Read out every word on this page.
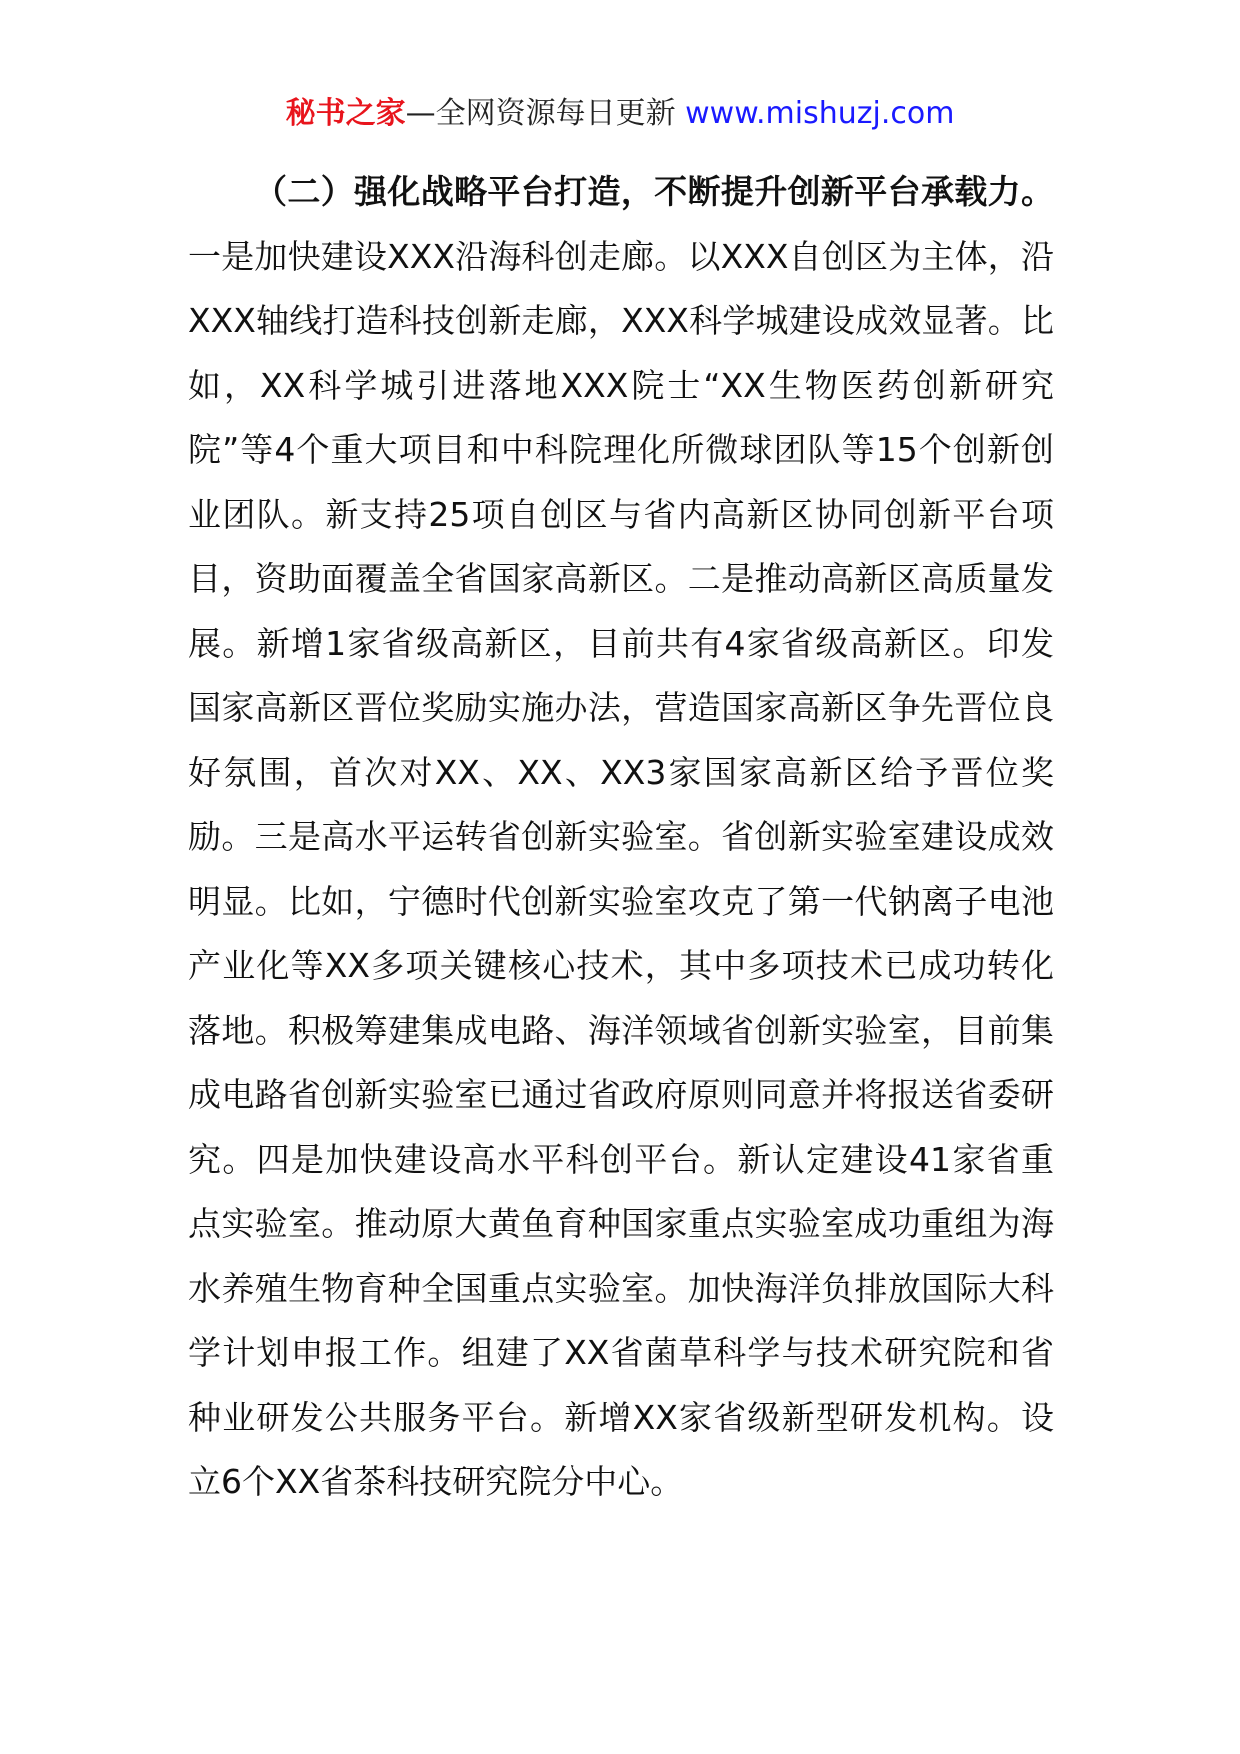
秘书之家—全网资源每日更新 www.mishuzj.com

（二）强化战略平台打造，不断提升创新平台承载力。一是加快建设XXX沿海科创走廊。以XXX自创区为主体，沿XXX轴线打造科技创新走廊，XXX科学城建设成效显著。比如，XX科学城引进落地XXX院士“XX生物医药创新研究院”等4个重大项目和中科院理化所微球团队等15个创新创业团队。新支持25项自创区与省内高新区协同创新平台项目，资助面覆盖全省国家高新区。二是推动高新区高质量发展。新增1家省级高新区，目前共有4家省级高新区。印发国家高新区晋位奖励实施办法，营造国家高新区争先晋位良好氛围，首次对XX、XX、XX3家国家高新区给予晋位奖励。三是高水平运转省创新实验室。省创新实验室建设成效明显。比如，宁德时代创新实验室攻克了第一代钠离子电池产业化等XX多项关键核心技术，其中多项技术已成功转化落地。积极筹建集成电路、海洋领域省创新实验室，目前集成电路省创新实验室已通过省政府原则同意并将报送省委研究。四是加快建设高水平科创平台。新认定建设41家省重点实验室。推动原大黄鱼育种国家重点实验室成功重组为海水养殖生物育种全国重点实验室。加快海洋负排放国际大科学计划申报工作。组建了XX省菌草科学与技术研究院和省种业研发公共服务平台。新增XX家省级新型研发机构。设立6个XX省茶科技研究院分中心。
